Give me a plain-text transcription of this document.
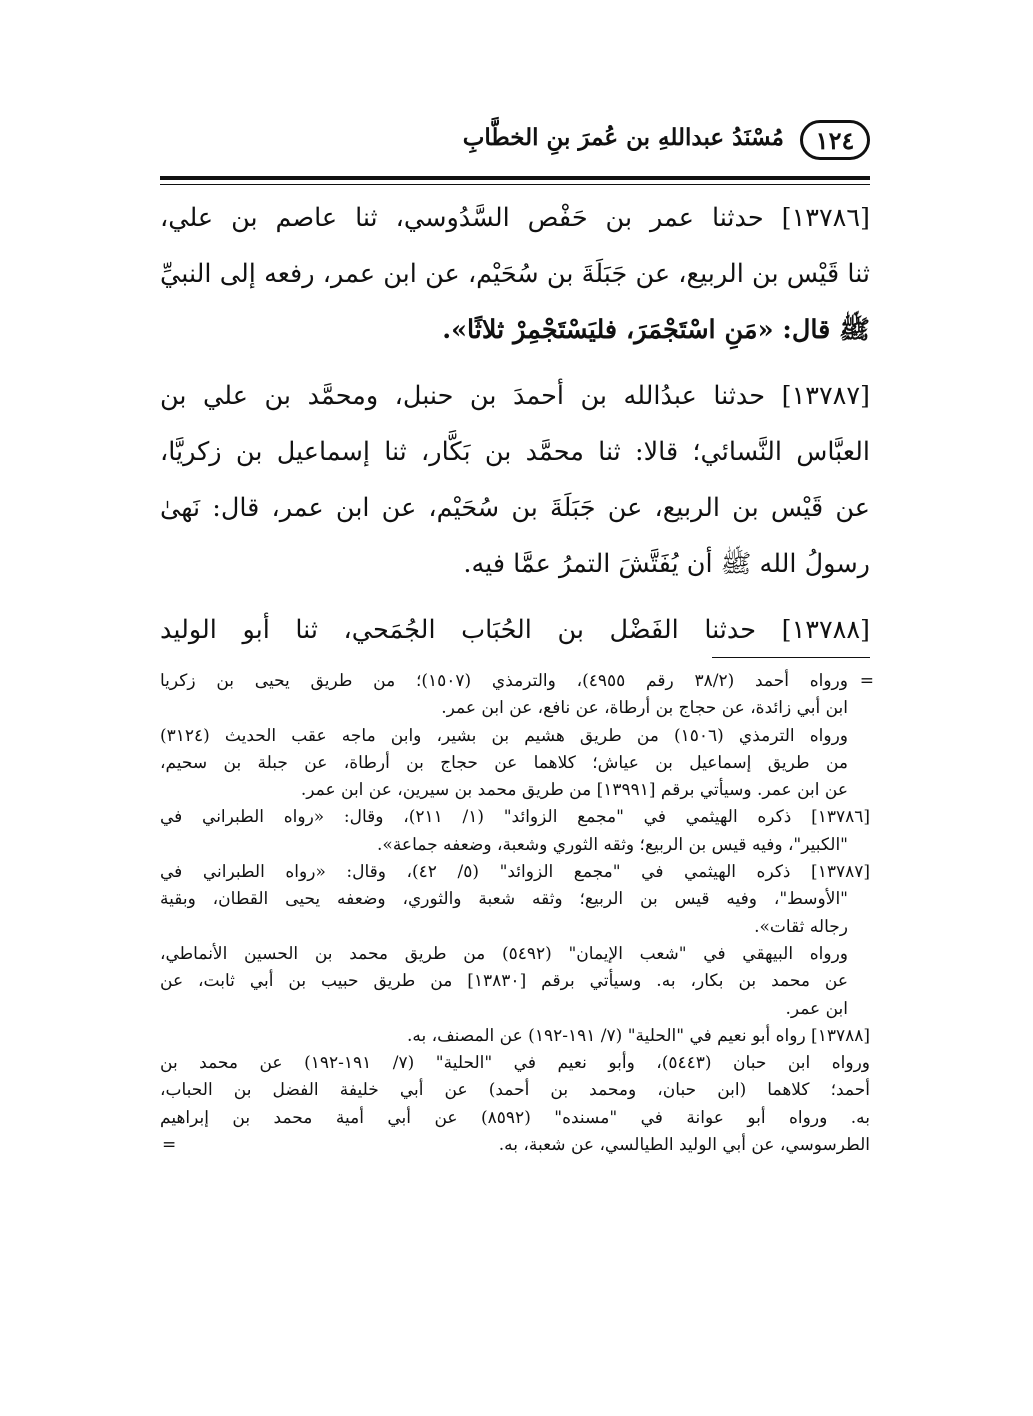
١٢٤
مُسْنَدُ عبداللهِ بن عُمرَ بنِ الخطَّابِ
[١٣٧٨٦] حدثنا عمر بن حَفْص السَّدُوسي، ثنا عاصم بن علي،
ثنا قَيْس بن الربيع، عن جَبَلَةَ بن سُحَيْم، عن ابن عمر، رفعه إلى النبيِّ
ﷺ قال: «مَنِ اسْتَجْمَرَ، فليَسْتَجْمِرْ ثلاثًا».
[١٣٧٨٧] حدثنا عبدُالله بن أحمدَ بن حنبل، ومحمَّد بن علي بن
العبَّاس النَّسائي؛ قالا: ثنا محمَّد بن بَكَّار، ثنا إسماعيل بن زكريَّا،
عن قَيْس بن الربيع، عن جَبَلَةَ بن سُحَيْم، عن ابن عمر، قال: نَهىٰ
رسولُ الله ﷺ أن يُفَتَّشَ التمرُ عمَّا فيه.
[١٣٧٨٨] حدثنا الفَضْل بن الحُبَاب الجُمَحي، ثنا أبو الوليد
=
ورواه أحمد (٣٨/٢ رقم ٤٩٥٥)، والترمذي (١٥٠٧)؛ من طريق يحيى بن زكريا
ابن أبي زائدة، عن حجاج بن أرطاة، عن نافع، عن ابن عمر.
ورواه الترمذي (١٥٠٦) من طريق هشيم بن بشير، وابن ماجه عقب الحديث (٣١٢٤)
من طريق إسماعيل بن عياش؛ كلاهما عن حجاج بن أرطاة، عن جبلة بن سحيم،
عن ابن عمر. وسيأتي برقم [١٣٩٩١] من طريق محمد بن سيرين، عن ابن عمر.
[١٣٧٨٦] ذكره الهيثمي في "مجمع الزوائد" (١/ ٢١١)، وقال: «رواه الطبراني في
"الكبير"، وفيه قيس بن الربيع؛ وثقه الثوري وشعبة، وضعفه جماعة».
[١٣٧٨٧] ذكره الهيثمي في "مجمع الزوائد" (٥/ ٤٢)، وقال: «رواه الطبراني في
"الأوسط"، وفيه قيس بن الربيع؛ وثقه شعبة والثوري، وضعفه يحيى القطان، وبقية
رجاله ثقات».
ورواه البيهقي في "شعب الإيمان" (٥٤٩٢) من طريق محمد بن الحسين الأنماطي،
عن محمد بن بكار، به. وسيأتي برقم [١٣٨٣٠] من طريق حبيب بن أبي ثابت، عن
ابن عمر.
[١٣٧٨٨] رواه أبو نعيم في "الحلية" (٧/ ١٩١-١٩٢) عن المصنف، به.
ورواه ابن حبان (٥٤٤٣)، وأبو نعيم في "الحلية" (٧/ ١٩١-١٩٢) عن محمد بن
أحمد؛ كلاهما (ابن حبان، ومحمد بن أحمد) عن أبي خليفة الفضل بن الحباب،
به. ورواه أبو عوانة في "مسنده" (٨٥٩٢) عن أبي أمية محمد بن إبراهيم
الطرسوسي، عن أبي الوليد الطيالسي، عن شعبة، به.
=
